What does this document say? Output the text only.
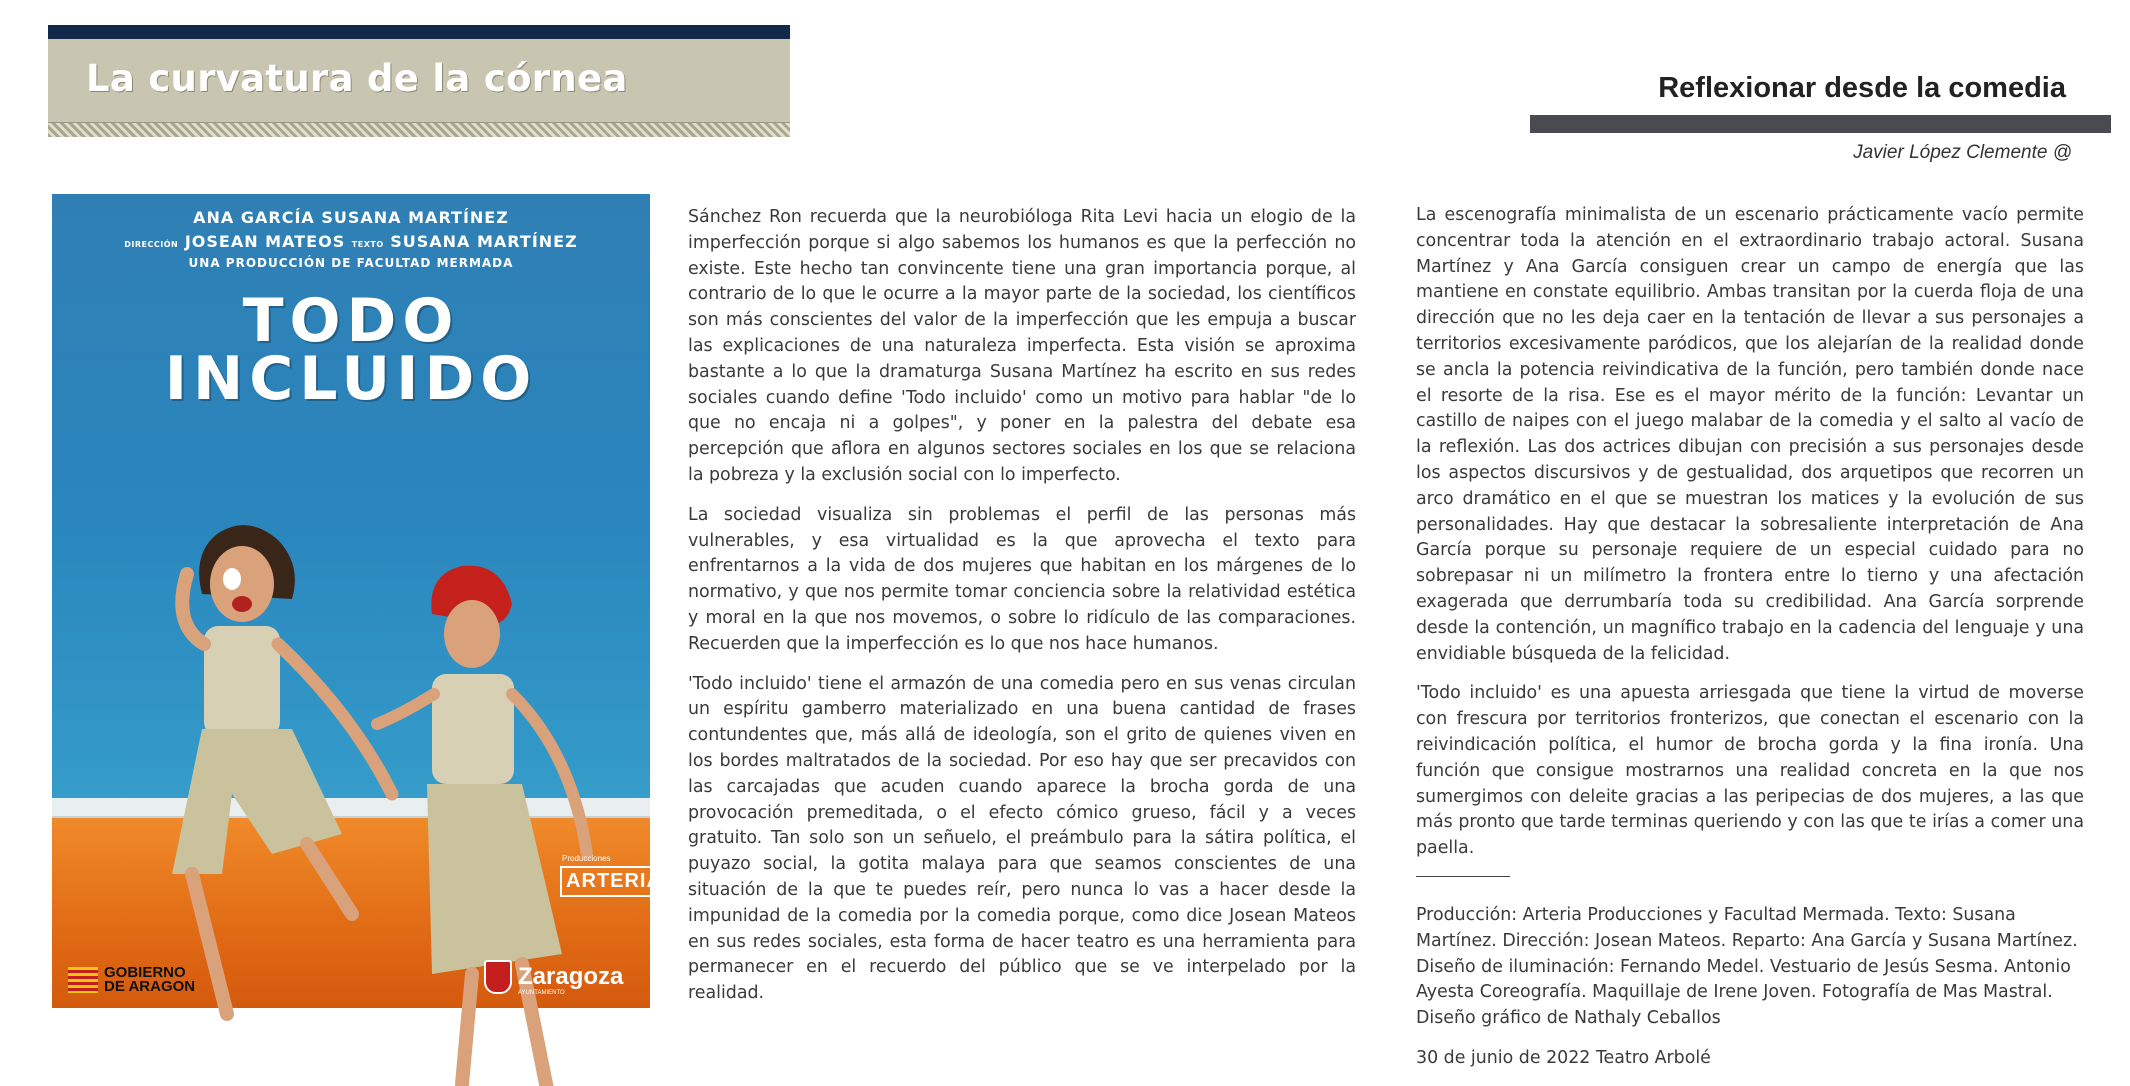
La curvatura de la córnea	Reflexionar desde la comedia
Javier López Clemente @
ANA GARCÍA SUSANA MARTÍNEZ
DIRECCIÓN JOSEAN MATEOS TEXTO SUSANA MARTÍNEZ
UNA PRODUCCIÓN DE FACULTAD MERMADA
TODO
INCLUIDO
Producciones
ARTERIA
GOBIERNO
DE ARAGON	Zaragoza
AYUNTAMIENTO

Sánchez Ron recuerda que la neurobióloga Rita Levi hacia un elogio de la imperfección porque si algo sabemos los humanos es que la perfección no existe. Este hecho tan convincente tiene una gran importancia porque, al contrario de lo que le ocurre a la mayor parte de la sociedad, los científicos son más conscientes del valor de la imperfección que les empuja a buscar las explicaciones de una naturaleza imperfecta. Esta visión se aproxima bastante a lo que la dramaturga Susana Martínez ha escrito en sus redes sociales cuando define 'Todo incluido' como un motivo para hablar "de lo que no encaja ni a golpes", y poner en la palestra del debate esa percepción que aflora en algunos sectores sociales en los que se relaciona la pobreza y la exclusión social con lo imperfecto.

La sociedad visualiza sin problemas el perfil de las personas más vulnerables, y esa virtualidad es la que aprovecha el texto para enfrentarnos a la vida de dos mujeres que habitan en los márgenes de lo normativo, y que nos permite tomar conciencia sobre la relatividad estética y moral en la que nos movemos, o sobre lo ridículo de las comparaciones. Recuerden que la imperfección es lo que nos hace humanos.

'Todo incluido' tiene el armazón de una comedia pero en sus venas circulan un espíritu gamberro materializado en una buena cantidad de frases contundentes que, más allá de ideología, son el grito de quienes viven en los bordes maltratados de la sociedad. Por eso hay que ser precavidos con las carcajadas que acuden cuando aparece la brocha gorda de una provocación premeditada, o el efecto cómico grueso, fácil y a veces gratuito. Tan solo son un señuelo, el preámbulo para la sátira política, el puyazo social, la gotita malaya para que seamos conscientes de una situación de la que te puedes reír, pero nunca lo vas a hacer desde la impunidad de la comedia por la comedia porque, como dice Josean Mateos en sus redes sociales, esta forma de hacer teatro es una herramienta para permanecer en el recuerdo del público que se ve interpelado por la realidad.

La escenografía minimalista de un escenario prácticamente vacío permite concentrar toda la atención en el extraordinario trabajo actoral. Susana Martínez y Ana García consiguen crear un campo de energía que las mantiene en constate equilibrio. Ambas transitan por la cuerda floja de una dirección que no les deja caer en la tentación de llevar a sus personajes a territorios excesivamente paródicos, que los alejarían de la realidad donde se ancla la potencia reivindicativa de la función, pero también donde nace el resorte de la risa. Ese es el mayor mérito de la función: Levantar un castillo de naipes con el juego malabar de la comedia y el salto al vacío de la reflexión. Las dos actrices dibujan con precisión a sus personajes desde los aspectos discursivos y de gestualidad, dos arquetipos que recorren un arco dramático en el que se muestran los matices y la evolución de sus personalidades. Hay que destacar la sobresaliente interpretación de Ana García porque su personaje requiere de un especial cuidado para no sobrepasar ni un milímetro la frontera entre lo tierno y una afectación exagerada que derrumbaría toda su credibilidad. Ana García sorprende desde la contención, un magnífico trabajo en la cadencia del lenguaje y una envidiable búsqueda de la felicidad.

'Todo incluido' es una apuesta arriesgada que tiene la virtud de moverse con frescura por territorios fronterizos, que conectan el escenario con la reivindicación política, el humor de brocha gorda y la fina ironía. Una función que consigue mostrarnos una realidad concreta en la que nos sumergimos con deleite gracias a las peripecias de dos mujeres, a las que más pronto que tarde terminas queriendo y con las que te irías a comer una paella.

Producción: Arteria Producciones y Facultad Mermada. Texto: Susana Martínez. Dirección: Josean Mateos. Reparto: Ana García y Susana Martínez. Diseño de iluminación: Fernando Medel. Vestuario de Jesús Sesma. Antonio Ayesta Coreografía. Maquillaje de Irene Joven. Fotografía de Mas Mastral. Diseño gráfico de Nathaly Ceballos

30 de junio de 2022 Teatro Arbolé
